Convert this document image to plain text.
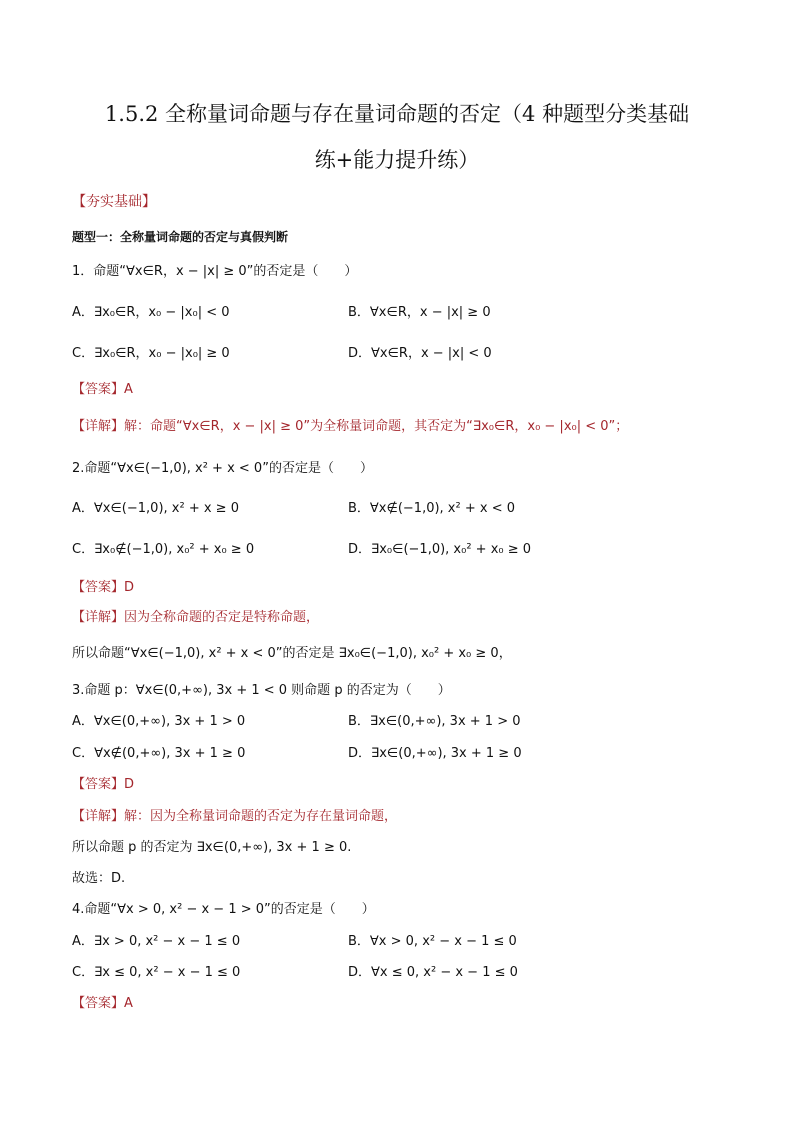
1.5.2 全称量词命题与存在量词命题的否定（4 种题型分类基础
练+能力提升练）
【夯实基础】
题型一：全称量词命题的否定与真假判断
1．命题“∀x∈R，x − |x| ≥ 0”的否定是（　　）
A．∃x₀∈R，x₀ − |x₀| < 0	B．∀x∈R，x − |x| ≥ 0
C．∃x₀∈R，x₀ − |x₀| ≥ 0	D．∀x∈R，x − |x| < 0
【答案】A
【详解】解：命题“∀x∈R，x − |x| ≥ 0”为全称量词命题，其否定为“∃x₀∈R，x₀ − |x₀| < 0”；
2.命题“∀x∈(−1,0), x² + x < 0”的否定是（　　）
A．∀x∈(−1,0), x² + x ≥ 0	B．∀x∉(−1,0), x² + x < 0
C．∃x₀∉(−1,0), x₀² + x₀ ≥ 0	D．∃x₀∈(−1,0), x₀² + x₀ ≥ 0
【答案】D
【详解】因为全称命题的否定是特称命题，
所以命题“∀x∈(−1,0), x² + x < 0”的否定是 ∃x₀∈(−1,0), x₀² + x₀ ≥ 0，
3.命题 p：∀x∈(0,+∞), 3x + 1 < 0 则命题 p 的否定为（　　）
A．∀x∈(0,+∞), 3x + 1 > 0	B．∃x∈(0,+∞), 3x + 1 > 0
C．∀x∉(0,+∞), 3x + 1 ≥ 0	D．∃x∈(0,+∞), 3x + 1 ≥ 0
【答案】D
【详解】解：因为全称量词命题的否定为存在量词命题，
所以命题 p 的否定为 ∃x∈(0,+∞), 3x + 1 ≥ 0.
故选：D.
4.命题“∀x > 0, x² − x − 1 > 0”的否定是（　　）
A．∃x > 0, x² − x − 1 ≤ 0	B．∀x > 0, x² − x − 1 ≤ 0
C．∃x ≤ 0, x² − x − 1 ≤ 0	D．∀x ≤ 0, x² − x − 1 ≤ 0
【答案】A
